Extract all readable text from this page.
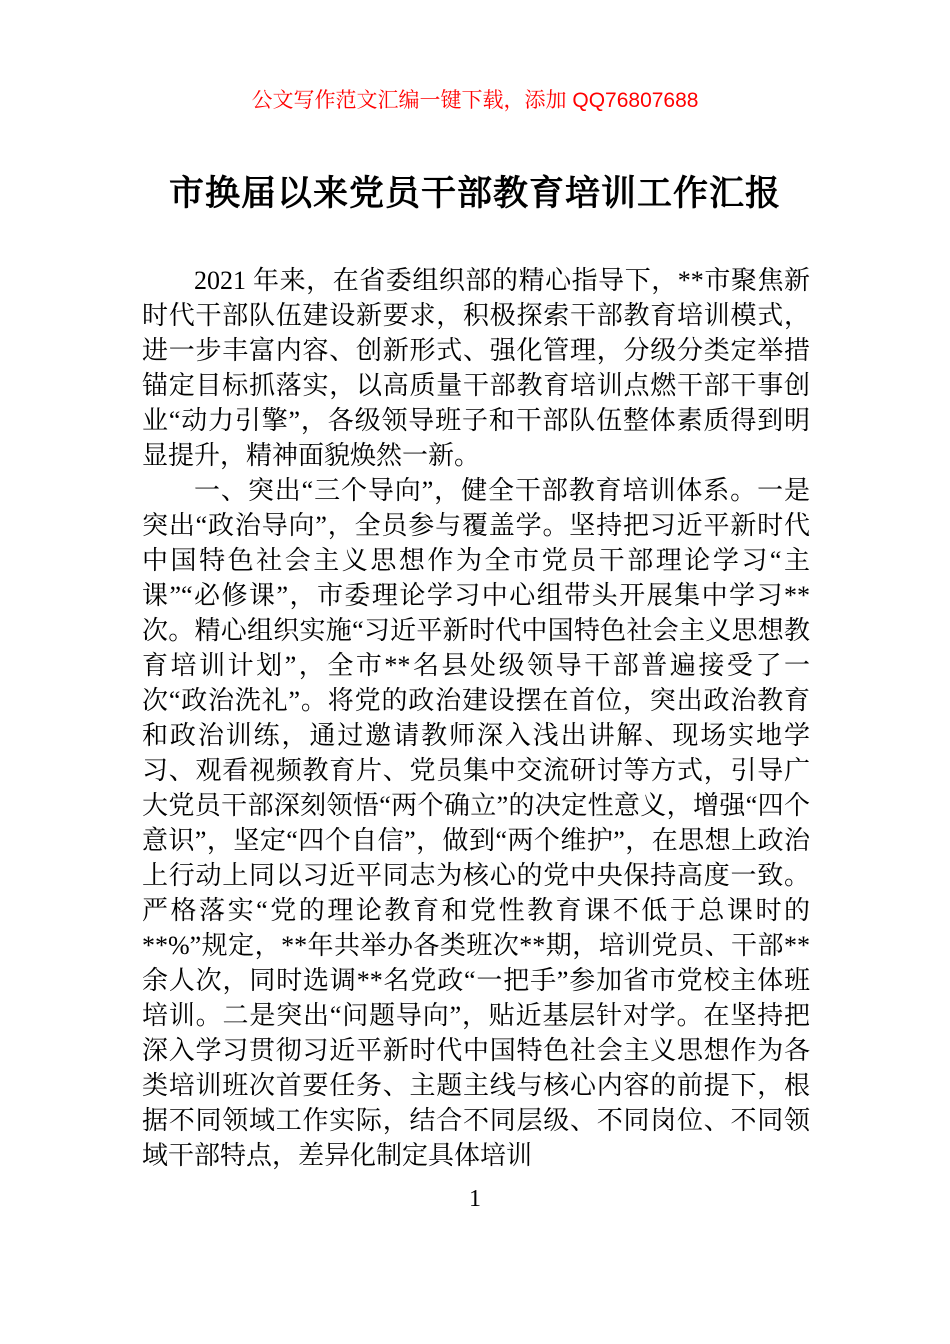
公文写作范文汇编一键下载，添加 QQ76807688
市换届以来党员干部教育培训工作汇报

2021 年来，在省委组织部的精心指导下，**市聚焦新时代干部队伍建设新要求，积极探索干部教育培训模式，进一步丰富内容、创新形式、强化管理，分级分类定举措锚定目标抓落实，以高质量干部教育培训点燃干部干事创业“动力引擎”，各级领导班子和干部队伍整体素质得到明显提升，精神面貌焕然一新。

一、突出“三个导向”，健全干部教育培训体系。一是突出“政治导向”，全员参与覆盖学。坚持把习近平新时代中国特色社会主义思想作为全市党员干部理论学习“主课”“必修课”，市委理论学习中心组带头开展集中学习**次。精心组织实施“习近平新时代中国特色社会主义思想教育培训计划”，全市**名县处级领导干部普遍接受了一次“政治洗礼”。将党的政治建设摆在首位，突出政治教育和政治训练，通过邀请教师深入浅出讲解、现场实地学习、观看视频教育片、党员集中交流研讨等方式，引导广大党员干部深刻领悟“两个确立”的决定性意义，增强“四个意识”，坚定“四个自信”，做到“两个维护”，在思想上政治上行动上同以习近平同志为核心的党中央保持高度一致。严格落实“党的理论教育和党性教育课不低于总课时的**%”规定，**年共举办各类班次**期，培训党员、干部**余人次，同时选调**名党政“一把手”参加省市党校主体班培训。二是突出“问题导向”，贴近基层针对学。在坚持把深入学习贯彻习近平新时代中国特色社会主义思想作为各类培训班次首要任务、主题主线与核心内容的前提下，根据不同领域工作实际，结合不同层级、不同岗位、不同领域干部特点，差异化制定具体培训

1
